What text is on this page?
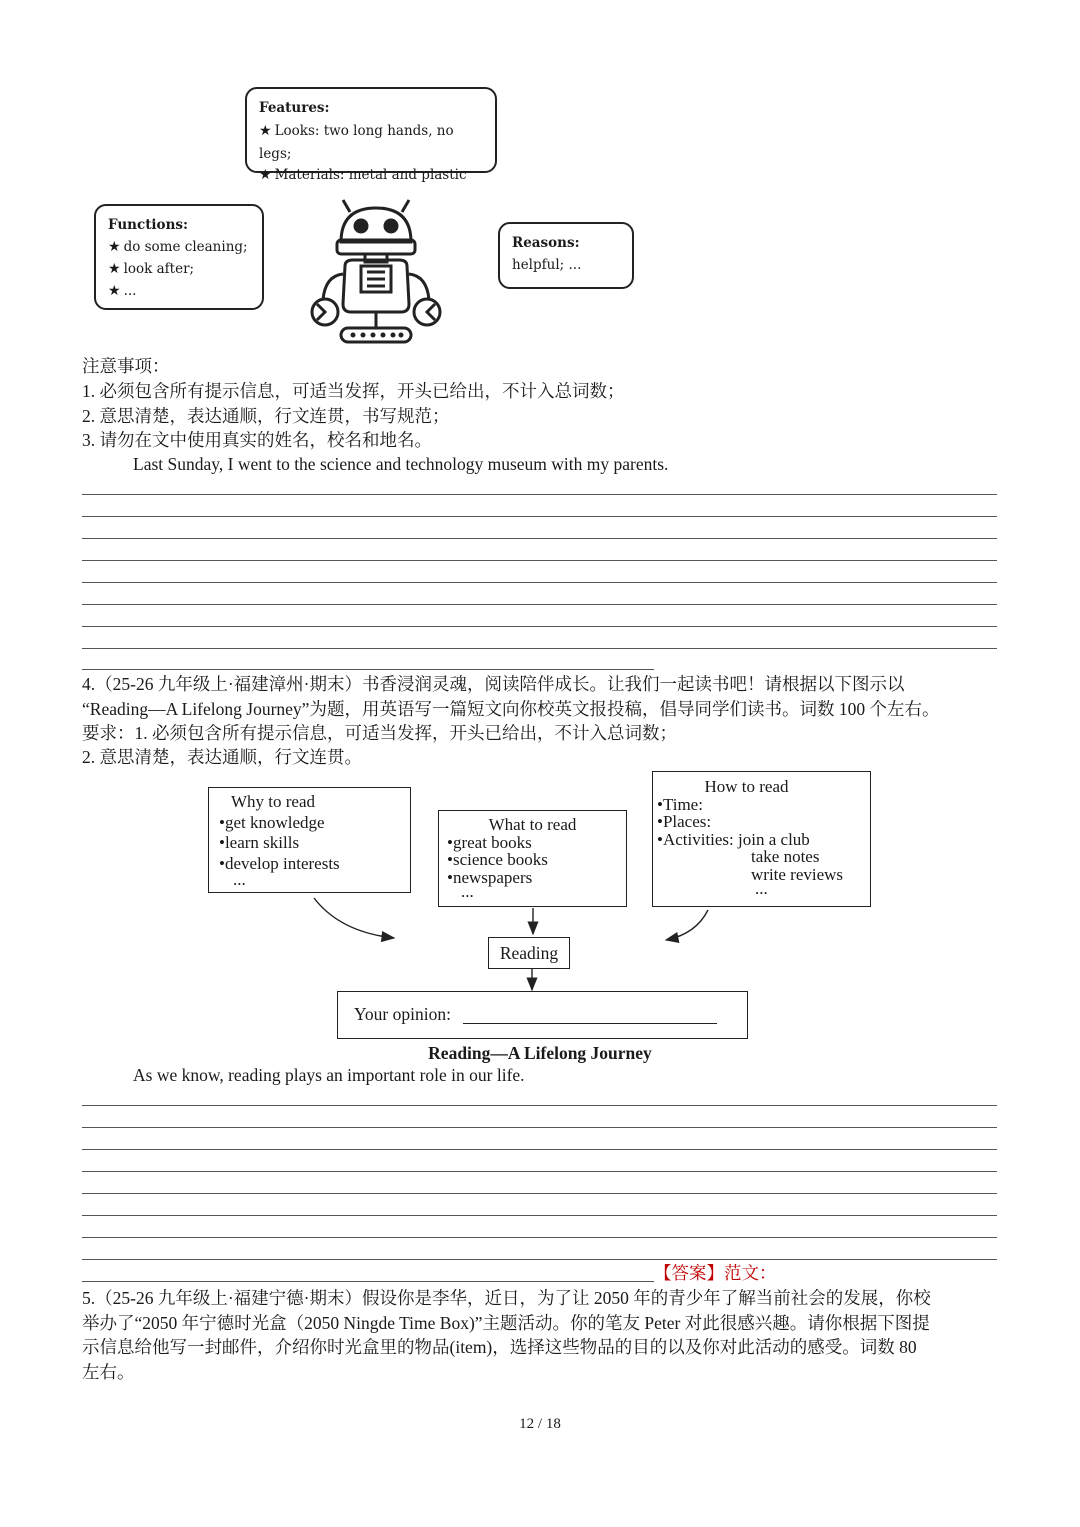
Features:
★ Looks: two long hands, no legs;
★ Materials: metal and plastic
Functions:
★ do some cleaning;
★ look after;
★ ...
Reasons:
helpful; ...
注意事项：
1. 必须包含所有提示信息，可适当发挥，开头已给出，不计入总词数；
2. 意思清楚，表达通顺，行文连贯，书写规范；
3. 请勿在文中使用真实的姓名，校名和地名。
Last Sunday, I went to the science and technology museum with my parents.
4.（25-26 九年级上·福建漳州·期末）书香浸润灵魂，阅读陪伴成长。让我们一起读书吧！请根据以下图示以
“Reading—A Lifelong Journey”为题，用英语写一篇短文向你校英文报投稿，倡导同学们读书。词数 100 个左右。
要求：1. 必须包含所有提示信息，可适当发挥，开头已给出，不计入总词数；
2. 意思清楚，表达通顺，行文连贯。
Why to read
• get knowledge
• learn skills
• develop interests
...
What to read
• great books
• science books
• newspapers
...
How to read
• Time:
• Places:
• Activities: join a club
take notes
write reviews
...
Reading
Your opinion:
Reading—A Lifelong Journey
As we know, reading plays an important role in our life.
【答案】范文：
5.（25-26 九年级上·福建宁德·期末）假设你是李华，近日，为了让 2050 年的青少年了解当前社会的发展，你校
举办了“2050 年宁德时光盒（2050 Ningde Time Box)”主题活动。你的笔友 Peter 对此很感兴趣。请你根据下图提
示信息给他写一封邮件，介绍你时光盒里的物品(item)，选择这些物品的目的以及你对此活动的感受。词数 80
左右。
12 / 18
